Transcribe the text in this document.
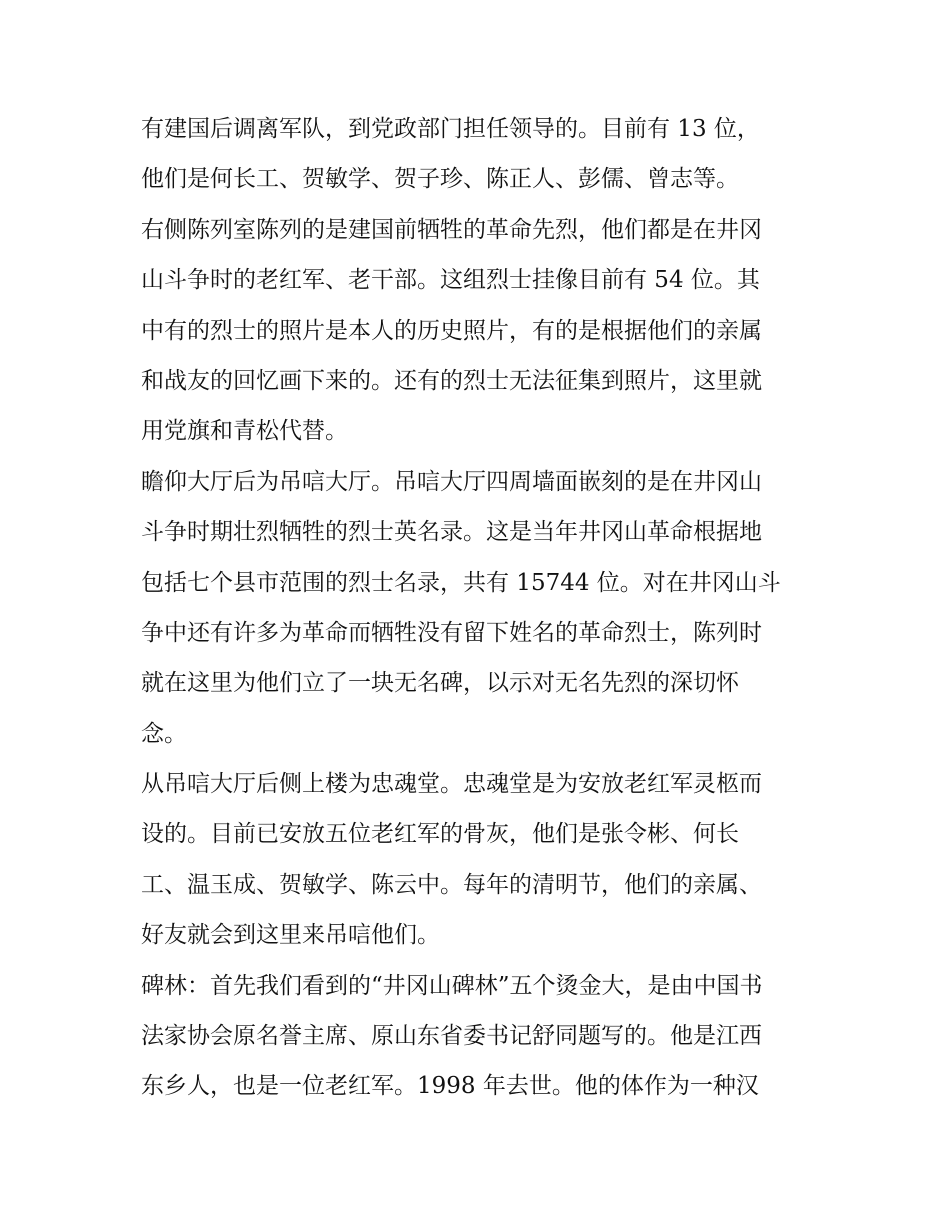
有建国后调离军队，到党政部门担任领导的。目前有 13 位，
他们是何长工、贺敏学、贺子珍、陈正人、彭儒、曾志等。
右侧陈列室陈列的是建国前牺牲的革命先烈，他们都是在井冈
山斗争时的老红军、老干部。这组烈士挂像目前有 54 位。其
中有的烈士的照片是本人的历史照片，有的是根据他们的亲属
和战友的回忆画下来的。还有的烈士无法征集到照片，这里就
用党旗和青松代替。
瞻仰大厅后为吊唁大厅。吊唁大厅四周墙面嵌刻的是在井冈山
斗争时期壮烈牺牲的烈士英名录。这是当年井冈山革命根据地
包括七个县市范围的烈士名录，共有 15744 位。对在井冈山斗
争中还有许多为革命而牺牲没有留下姓名的革命烈士，陈列时
就在这里为他们立了一块无名碑，以示对无名先烈的深切怀
念。
从吊唁大厅后侧上楼为忠魂堂。忠魂堂是为安放老红军灵柩而
设的。目前已安放五位老红军的骨灰，他们是张令彬、何长
工、温玉成、贺敏学、陈云中。每年的清明节，他们的亲属、
好友就会到这里来吊唁他们。
碑林：首先我们看到的“井冈山碑林”五个烫金大，是由中国书
法家协会原名誉主席、原山东省委书记舒同题写的。他是江西
东乡人，也是一位老红军。1998 年去世。他的体作为一种汉
